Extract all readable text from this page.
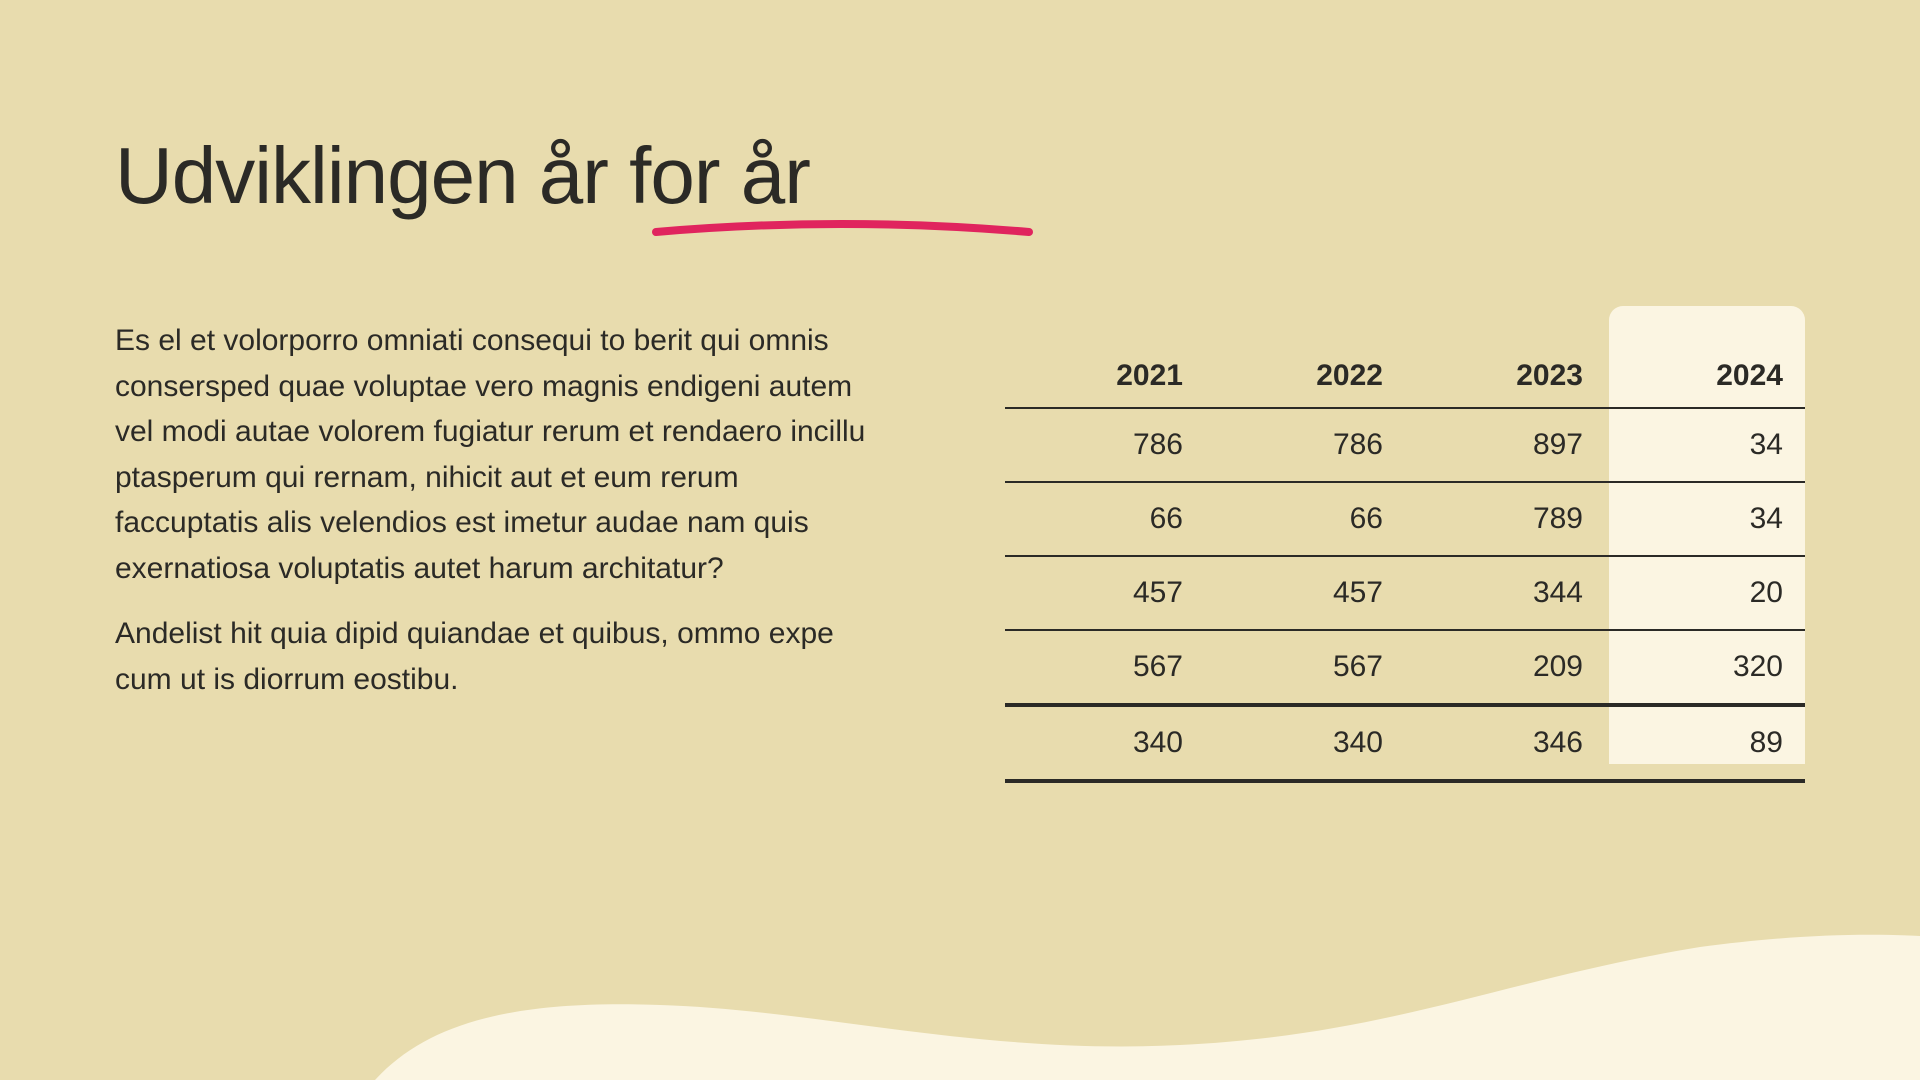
Udviklingen år for år

Es el et volorporro omniati consequi to berit qui omnis consersped quae voluptae vero magnis endigeni autem vel modi autae volorem fugiatur rerum et rendaero incillu ptasperum qui rernam, nihicit aut et eum rerum faccuptatis alis velendios est imetur audae nam quis exernatiosa voluptatis autet harum architatur?

Andelist hit quia dipid quiandae et quibus, ommo expe cum ut is diorrum eostibu.

2021	2022	2023	2024
786	786	897	34
66	66	789	34
457	457	344	20
567	567	209	320
340	340	346	89
